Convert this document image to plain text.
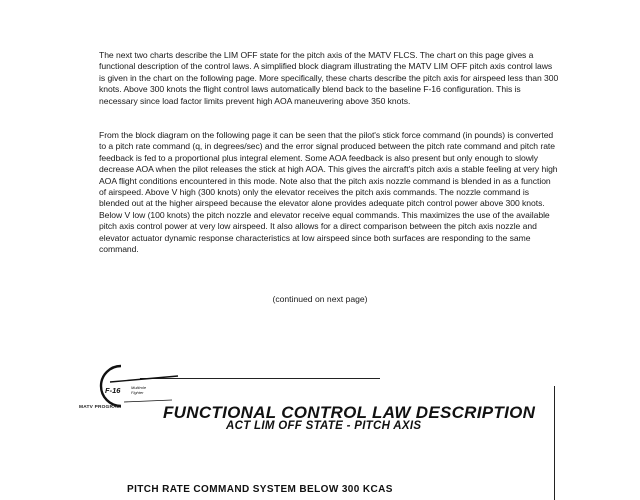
The next two charts describe the LIM OFF state for the pitch axis of the MATV FLCS. The chart on this page gives a functional description of the control laws. A simplified block diagram illustrating the MATV LIM OFF pitch axis control laws is given in the chart on the following page. More specifically, these charts describe the pitch axis for airspeed less than 300 knots. Above 300 knots the flight control laws automatically blend back to the baseline F-16 configuration. This is necessary since load factor limits prevent high AOA maneuvering above 350 knots.

From the block diagram on the following page it can be seen that the pilot's stick force command (in pounds) is converted to a pitch rate command (q, in degrees/sec) and the error signal produced between the pitch rate command and pitch rate feedback is fed to a proportional plus integral element. Some AOA feedback is also present but only enough to slowly decrease AOA when the pilot releases the stick at high AOA. This gives the aircraft's pitch axis a stable feeling at very high AOA flight conditions encountered in this mode. Note also that the pitch axis nozzle command is blended in as a function of airspeed. Above V high (300 knots) only the elevator receives the pitch axis commands. The nozzle command is blended out at the higher airspeed because the elevator alone provides adequate pitch control power above 300 knots. Below V low (100 knots) the pitch nozzle and elevator receive equal commands. This maximizes the use of the available pitch axis control power at very low airspeed. It also allows for a direct comparison between the pitch axis nozzle and elevator actuator dynamic response characteristics at low airspeed since both surfaces are responding to the same command.

(continued on next page)
F-16	Multirole
Fighter
MATV PROGRAM FUNCTIONAL CONTROL LAW DESCRIPTION
ACT LIM OFF STATE - PITCH AXIS
PITCH RATE COMMAND SYSTEM BELOW 300 KCAS
